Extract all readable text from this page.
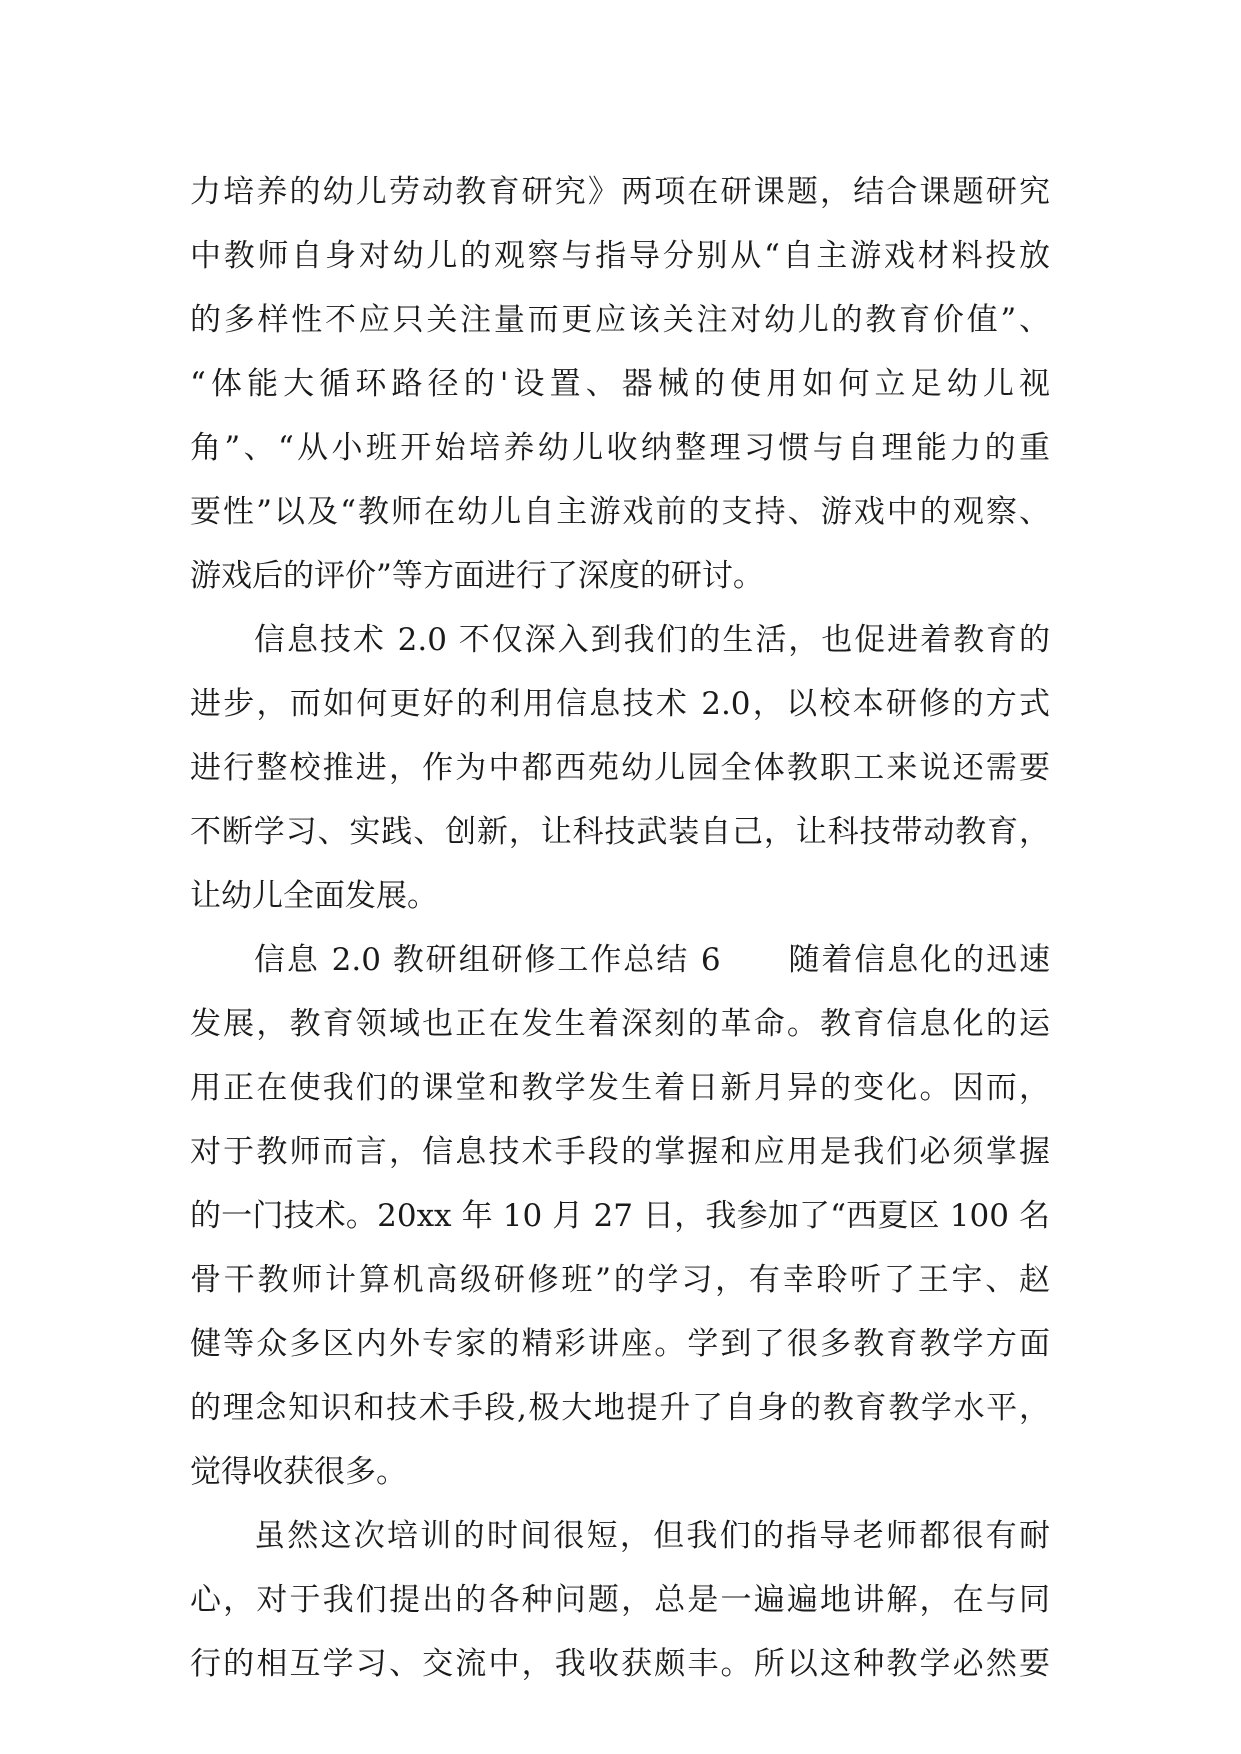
力培养的幼儿劳动教育研究》两项在研课题，结合课题研究
中教师自身对幼儿的观察与指导分别从“自主游戏材料投放
的多样性不应只关注量而更应该关注对幼儿的教育价值”、
“体能大循环路径的'设置、器械的使用如何立足幼儿视
角”、“从小班开始培养幼儿收纳整理习惯与自理能力的重
要性”以及“教师在幼儿自主游戏前的支持、游戏中的观察、
游戏后的评价”等方面进行了深度的研讨。
信息技术 2.0 不仅深入到我们的生活，也促进着教育的
进步，而如何更好的利用信息技术 2.0，以校本研修的方式
进行整校推进，作为中都西苑幼儿园全体教职工来说还需要
不断学习、实践、创新，让科技武装自己，让科技带动教育，
让幼儿全面发展。
信息 2.0 教研组研修工作总结 6　　随着信息化的迅速
发展，教育领域也正在发生着深刻的革命。教育信息化的运
用正在使我们的课堂和教学发生着日新月异的变化。因而，
对于教师而言，信息技术手段的掌握和应用是我们必须掌握
的一门技术。20xx 年 10 月 27 日，我参加了“西夏区 100 名
骨干教师计算机高级研修班”的学习，有幸聆听了王宇、赵
健等众多区内外专家的精彩讲座。学到了很多教育教学方面
的理念知识和技术手段,极大地提升了自身的教育教学水平，
觉得收获很多。
虽然这次培训的时间很短，但我们的指导老师都很有耐
心，对于我们提出的各种问题，总是一遍遍地讲解，在与同
行的相互学习、交流中，我收获颇丰。所以这种教学必然要
